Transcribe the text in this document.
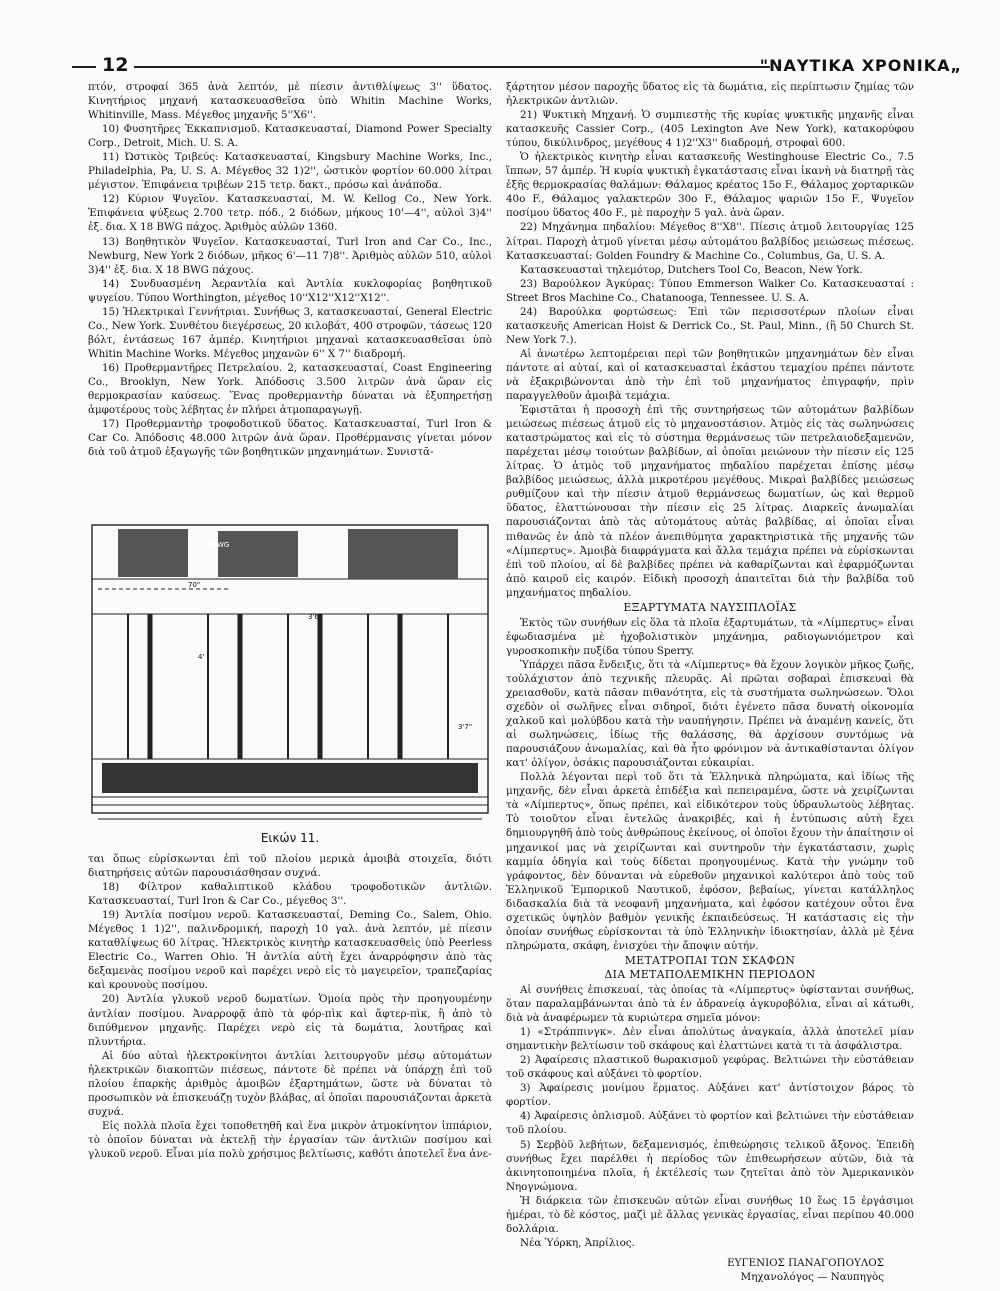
12	"ΝΑΥΤΙΚΑ ΧΡΟΝΙΚΑ„

πτόν, στροφαί 365 ἀνὰ λεπτόν, μὲ πίεσιν ἀντιθλίψεως 3'' ὕδατος. Κινητήριος μηχανή κατασκευασθεῖσα ὑπὸ Whitin Machine Works, Whitinville, Mass. Μέγεθος μηχανῆς 5''X6''.

10) Φυσητῆρες Ἐκκαπνισμοῦ. Κατασκευασταί, Diamond Power Specialty Corp., Detroit, Mich. U. S. A.

11) Ὠστικὸς Τριβεύς: Κατασκευασταί, Kingsbury Machine Works, Inc., Philadelphia, Pa, U. S. A. Μέγεθος 32 1)2'', ὠστικὸν φορτίον 60.000 λίτραι μέγιστον. Ἐπιφάνεια τριβέων 215 τετρ. δακτ., πρόσω καὶ ἀνάποδα.

12) Κύριον Ψυγεῖον. Κατασκευασταί, M. W. Kellog Co., New York. Ἐπιφάνεια ψύξεως 2.700 τετρ. πόδ., 2 διόδων, μήκους 10'—4'', αὐλοὶ 3)4'' ἐξ. δια. X 18 BWG πάχος. Ἀριθμὸς αὐλῶν 1360.

13) Βοηθητικὸν Ψυγεῖον. Κατασκευασταί, Turl Iron and Car Co., Inc., Newburg, New York 2 διόδων, μῆκος 6'—11 7)8''. Ἀριθμὸς αὐλῶν 510, αὐλοὶ 3)4'' ἐξ. δια. X 18 BWG πάχους.

14) Συνδυασμένη Ἀεραντλία καὶ Ἀντλία κυκλοφορίας βοηθητικοῦ ψυγείου. Τύπου Worthington, μέγεθος 10''X12''X12''X12''.

15) Ἠλεκτρικαὶ Γεννήτριαι. Συνήθως 3, κατασκευασταί, General Electric Co., New York. Συνθέτου διεγέρσεως, 20 κιλοβάτ, 400 στροφῶν, τάσεως 120 βόλτ, ἐντάσεως 167 ἀμπέρ. Κινητήριοι μηχαναὶ κατασκευασθεῖσαι ὑπὸ Whitin Machine Works. Μέγεθος μηχανῶν 6'' X 7'' διαδρομή.

16) Προθερμαντῆρες Πετρελαίου. 2, κατασκευασταί, Coast Engineering Co., Brooklyn, New York. Ἀπόδοσις 3.500 λιτρῶν ἀνὰ ὥραν εἰς θερμοκρασίαν καύσεως. Ἕνας προθερμαντὴρ δύναται νὰ ἐξυπηρετήσῃ ἀμφοτέρους τοὺς λέβητας ἐν πλήρει ἀτμοπαραγωγῇ.

17) Προθερμαντὴρ τροφοδοτικοῦ ὕδατος. Κατασκευασταί, Turl Iron & Car Co. Ἀπόδοσις 48.000 λιτρῶν ἀνὰ ὥραν. Προθέρμανσις γίνεται μόνον διὰ τοῦ ἀτμοῦ ἐξαγωγῆς τῶν βοηθητικῶν μηχανημάτων. Συνιστᾶ-

70"
SBWG
3'6"
4'
3'7"
Εικών 11.

ται ὅπως εὑρίσκωνται ἐπὶ τοῦ πλοίου μερικὰ ἀμοιβὰ στοιχεῖα, διότι διατηρήσεις αὐτῶν παρουσιάσθησαν συχνά.

18) Φίλτρον καθαλιπτικοῦ κλάδου τροφοδοτικῶν ἀντλιῶν. Κατασκευασταί, Turl Iron & Car Co., μέγεθος 3''.

19) Ἀντλία ποσίμου νεροῦ. Κατασκευασταί, Deming Co., Salem, Ohio. Μέγεθος 1 1)2'', παλινδρομική, παροχὴ 10 γαλ. ἀνὰ λεπτόν, μὲ πίεσιν καταθλίψεως 60 λίτρας. Ἠλεκτρικὸς κινητὴρ κατασκευασθεὶς ὑπὸ Peerless Electric Co., Warren Ohio. Ἡ ἀντλία αὐτὴ ἔχει ἀναρρόφησιν ἀπὸ τὰς δεξαμενὰς ποσίμου νεροῦ καὶ παρέχει νερὸ εἰς τὸ μαγειρεῖον, τραπεζαρίας καὶ κρουνοὺς ποσίμου.

20) Ἀντλία γλυκοῦ νεροῦ δωματίων. Ὁμοία πρὸς τὴν προηγουμένην ἀντλίαν ποσίμου. Ἀναρροφᾷ ἀπὸ τὰ φόρ-πὶκ καὶ ἄφτερ-πὶκ, ἢ ἀπὸ τὸ διπύθμενον μηχανῆς. Παρέχει νερὸ εἰς τὰ δωμάτια, λουτῆρας καὶ πλυντήρια.

Αἱ δύο αὐταὶ ἠλεκτροκίνητοι ἀντλίαι λειτουργοῦν μέσῳ αὐτομάτων ἠλεκτρικῶν διακοπτῶν πιέσεως, πάντοτε δὲ πρέπει νὰ ὑπάρχῃ ἐπὶ τοῦ πλοίου ἐπαρκὴς ἀριθμὸς ἀμοιβῶν ἐξαρτημάτων, ὥστε νὰ δύναται τὸ προσωπικὸν νὰ ἐπισκευάζῃ τυχὸν βλάβας, αἱ ὁποῖαι παρουσιάζονται ἀρκετὰ συχνά.

Εἰς πολλὰ πλοῖα ἔχει τοποθετηθῆ καὶ ἕνα μικρὸν ἀτμοκίνητον ἰππάριον, τὸ ὁποῖον δύναται νὰ ἐκτελῇ τὴν ἐργασίαν τῶν ἀντλιῶν ποσίμου καὶ γλυκοῦ νεροῦ. Εἶναι μία πολὺ χρήσιμος βελτίωσις, καθότι ἀποτελεῖ ἕνα ἀνε-

ξάρτητον μέσον παροχῆς ὕδατος εἰς τὰ δωμάτια, εἰς περίπτωσιν ζημίας τῶν ἠλεκτρικῶν ἀντλιῶν.

21) Ψυκτικὴ Μηχανή. Ὁ συμπιεστὴς τῆς κυρίας ψυκτικῆς μηχανῆς εἶναι κατασκευῆς Cassier Corp., (405 Lexington Ave New York), κατακορύφου τύπου, δικύλινδρος, μεγέθους 4 1)2''X3'' διαδρομή, στροφαὶ 600.

Ὁ ἠλεκτρικὸς κινητὴρ εἶναι κατασκευῆς Westinghouse Electric Co., 7.5 ἵππων, 57 ἀμπέρ. Ἡ κυρία ψυκτικὴ ἐγκατάστασις εἶναι ἱκανὴ νὰ διατηρῇ τὰς ἑξῆς θερμοκρασίας θαλάμων: Θάλαμος κρέατος 15ο F., Θάλαμος χορταρικῶν 40ο F., Θάλαμος γαλακτερῶν 30ο F., Θάλαμος ψαριῶν 15ο F., Ψυγεῖον ποσίμου ὕδατος 40ο F., μὲ παροχὴν 5 γαλ. ἀνὰ ὥραν.

22) Μηχάνημα πηδαλίου: Μέγεθος 8''X8''. Πίεσις ἀτμοῦ λειτουργίας 125 λίτραι. Παροχὴ ἀτμοῦ γίνεται μέσῳ αὐτομάτου βαλβίδος μειώσεως πιέσεως. Κατασκευασταί: Golden Foundry & Machine Co., Columbus, Ga, U. S. A.

Κατασκευασταὶ τηλεμότορ, Dutchers Tool Co, Beacon, New York.

23) Βαρούλκον Ἀγκύρας: Τύπου Emmerson Walker Co. Κατασκευασταί : Street Bros Machine Co., Chatanooga, Tennessee. U. S. A.

24) Βαρούλκα φορτώσεως: Ἐπὶ τῶν περισσοτέρων πλοίων εἶναι κατασκευῆς American Hoist & Derrick Co., St. Paul, Minn., (ἢ 50 Church St. New York 7.).

Αἱ ἀνωτέρω λεπτομέρειαι περὶ τῶν βοηθητικῶν μηχανημάτων δὲν εἶναι πάντοτε αἱ αὐταί, καὶ οἱ κατασκευασταὶ ἑκάστου τεμαχίου πρέπει πάντοτε νὰ ἐξακριβώνονται ἀπὸ τὴν ἐπὶ τοῦ μηχανήματος ἐπιγραφήν, πρὶν παραγγελθοῦν ἀμοιβὰ τεμάχια.

Ἐφιστᾶται ἡ προσοχὴ ἐπὶ τῆς συντηρήσεως τῶν αὐτομάτων βαλβίδων μειώσεως πιέσεως ἀτμοῦ εἰς τὸ μηχανοστάσιον. Ἀτμὸς εἰς τὰς σωληνώσεις καταστρώματος καὶ εἰς τὸ σύστημα θερμάνσεως τῶν πετρελαιοδεξαμενῶν, παρέχεται μέσῳ τοιούτων βαλβίδων, αἱ ὁποῖαι μειώνουν τὴν πίεσιν εἰς 125 λίτρας. Ὁ ἀτμὸς τοῦ μηχανήματος πηδαλίου παρέχεται ἐπίσης μέσῳ βαλβίδος μειώσεως, ἀλλὰ μικροτέρου μεγέθους. Μικραὶ βαλβίδες μειώσεως ρυθμίζουν καὶ τὴν πίεσιν ἀτμοῦ θερμάνσεως δωματίων, ὡς καὶ θερμοῦ ὕδατος, ἐλαττώνουσαι τὴν πίεσιν εἰς 25 λίτρας. Διαρκεῖς ἀνωμαλίαι παρουσιάζονται ἀπὸ τὰς αὐτομάτους αὐτὰς βαλβίδας, αἱ ὁποῖαι εἶναι πιθανῶς ἐν ἀπὸ τὰ πλέον ἀνεπιθύμητα χαρακτηριστικὰ τῆς μηχανῆς τῶν «Λίμπερτυς». Ἀμοιβὰ διαφράγματα καὶ ἄλλα τεμάχια πρέπει νὰ εὑρίσκωνται ἐπὶ τοῦ πλοίου, αἱ δὲ βαλβίδες πρέπει νὰ καθαρίζωνται καὶ ἐφαρμόζωνται ἀπὸ καιροῦ εἰς καιρόν. Εἰδικὴ προσοχὴ ἀπαιτεῖται διὰ τὴν βαλβίδα τοῦ μηχανήματος πηδαλίου.

ΕΞΑΡΤΥΜΑΤΑ ΝΑΥΣΙΠΛΟΪΑΣ

Ἐκτὸς τῶν συνήθων εἰς ὅλα τὰ πλοῖα ἐξαρτυμάτων, τὰ «Λίμπερτυς» εἶναι ἐφωδιασμένα μὲ ἠχοβολιστικὸν μηχάνημα, ραδιογωνιόμετρον καὶ γυροσκοπικὴν πυξίδα τύπου Sperry.

Ὑπάρχει πᾶσα ἔνδειξις, ὅτι τὰ «Λίμπερτυς» θὰ ἔχουν λογικὸν μῆκος ζωῆς, τοὐλάχιστον ἀπὸ τεχνικῆς πλευρᾶς. Αἱ πρῶται σοβαραὶ ἐπισκευαὶ θὰ χρειασθοῦν, κατὰ πᾶσαν πιθανότητα, εἰς τὰ συστήματα σωληνώσεων. Ὅλοι σχεδὸν οἱ σωλῆνες εἶναι σιδηροῖ, διότι ἐγένετο πᾶσα δυνατὴ οἰκονομία χαλκοῦ καὶ μολύβδου κατὰ τὴν ναυπήγησιν. Πρέπει νὰ ἀναμένῃ κανείς, ὅτι αἱ σωληνώσεις, ἰδίως τῆς θαλάσσης, θὰ ἀρχίσουν συντόμως νὰ παρουσιάζουν ἀνωμαλίας, καὶ θὰ ἦτο φρόνιμον νὰ ἀντικαθίστανται ὀλίγον κατ' ὀλίγον, ὁσάκις παρουσιάζονται εὐκαιρίαι.

Πολλὰ λέγονται περὶ τοῦ ὅτι τὰ Ἑλληνικὰ πληρώματα, καὶ ἰδίως τῆς μηχανῆς, δὲν εἶναι ἀρκετὰ ἐπιδέξια καὶ πεπειραμένα, ὥστε νὰ χειρίζωνται τὰ «Λίμπερτυς», ὅπως πρέπει, καὶ εἰδικότερον τοὺς ὑδραυλωτοὺς λέβητας. Τὸ τοιοῦτον εἶναι ἐντελῶς ἀνακριβές, καὶ ἡ ἐντύπωσις αὐτὴ ἔχει δημιουργηθῆ ἀπὸ τοὺς ἀνθρώπους ἐκείνους, οἱ ὁποῖοι ἔχουν τὴν ἀπαίτησιν οἱ μηχανικοί μας νὰ χειρίζωνται καὶ συντηροῦν τὴν ἐγκατάστασιν, χωρὶς καμμία ὁδηγία καὶ τοὺς δίδεται προηγουμένως. Κατὰ τὴν γνώμην τοῦ γράφοντος, δὲν δύνανται νὰ εὑρεθοῦν μηχανικοὶ καλύτεροι ἀπὸ τοὺς τοῦ Ἑλληνικοῦ Ἐμπορικοῦ Ναυτικοῦ, ἐφόσον, βεβαίως, γίνεται κατάλληλος διδασκαλία διὰ τὰ νεοφανῆ μηχανήματα, καὶ ἐφόσον κατέχουν οὗτοι ἕνα σχετικῶς ὑψηλὸν βαθμὸν γενικῆς ἐκπαιδεύσεως. Ἡ κατάστασις εἰς τὴν ὁποίαν συνήθως εὑρίσκονται τὰ ὑπὸ Ἑλληνικὴν ἰδιοκτησίαν, ἀλλὰ μὲ ξένα πληρώματα, σκάφη, ἐνισχύει τὴν ἄποψιν αὐτήν.

ΜΕΤΑΤΡΟΠΑΙ ΤΩΝ ΣΚΑΦΩΝ
ΔΙΑ ΜΕΤΑΠΟΛΕΜΙΚΗΝ ΠΕΡΙΟΔΟΝ

Αἱ συνήθεις ἐπισκευαί, τὰς ὁποίας τὰ «Λίμπερτυς» ὑφίστανται συνήθως, ὅταν παραλαμβάνωνται ἀπὸ τὰ ἐν ἀδρανείᾳ ἀγκυροβόλια, εἶναι αἱ κάτωθι, διὰ νὰ ἀναφέρωμεν τὰ κυριώτερα σημεῖα μόνον:

1) «Στράππινγκ». Δὲν εἶναι ἀπολύτως ἀναγκαία, ἀλλὰ ἀποτελεῖ μίαν σημαντικὴν βελτίωσιν τοῦ σκάφους καὶ ἐλαττώνει κατὰ τι τὰ ἀσφάλιστρα.

2) Ἀφαίρεσις πλαστικοῦ θωρακισμοῦ γεφύρας. Βελτιώνει τὴν εὐστάθειαν τοῦ σκάφους καὶ αὐξάνει τὸ φορτίον.

3) Ἀφαίρεσις μονίμου ἕρματος. Αὐξάνει κατ' ἀντίστοιχον βάρος τὸ φορτίον.

4) Ἀφαίρεσις ὁπλισμοῦ. Αὐξάνει τὸ φορτίον καὶ βελτιώνει τὴν εὐστάθειαν τοῦ πλοίου.

5) Σερβὸῦ λεβήτων, δεξαμενισμός, ἐπιθεώρησις τελικοῦ ἄξονος. Ἐπειδὴ συνήθως ἔχει παρέλθει ἡ περίοδος τῶν ἐπιθεωρήσεων αὐτῶν, διὰ τὰ ἀκινητοποιημένα πλοῖα, ἡ ἐκτέλεσίς των ζητεῖται ἀπὸ τὸν Ἀμερικανικὸν Νηογνώμονα.

Ἡ διάρκεια τῶν ἐπισκευῶν αὐτῶν εἶναι συνήθως 10 ἕως 15 ἐργάσιμοι ἡμέραι, τὸ δὲ κόστος, μαζὶ μὲ ἄλλας γενικὰς ἐργασίας, εἶναι περίπου 40.000 δολλάρια.

Νέα Ὑόρκη, Ἀπρίλιος.

ΕΥΓΕΝΙΟΣ ΠΑΝΑΓΟΠΟΥΛΟΣ
Μηχανολόγος — Ναυπηγὸς
